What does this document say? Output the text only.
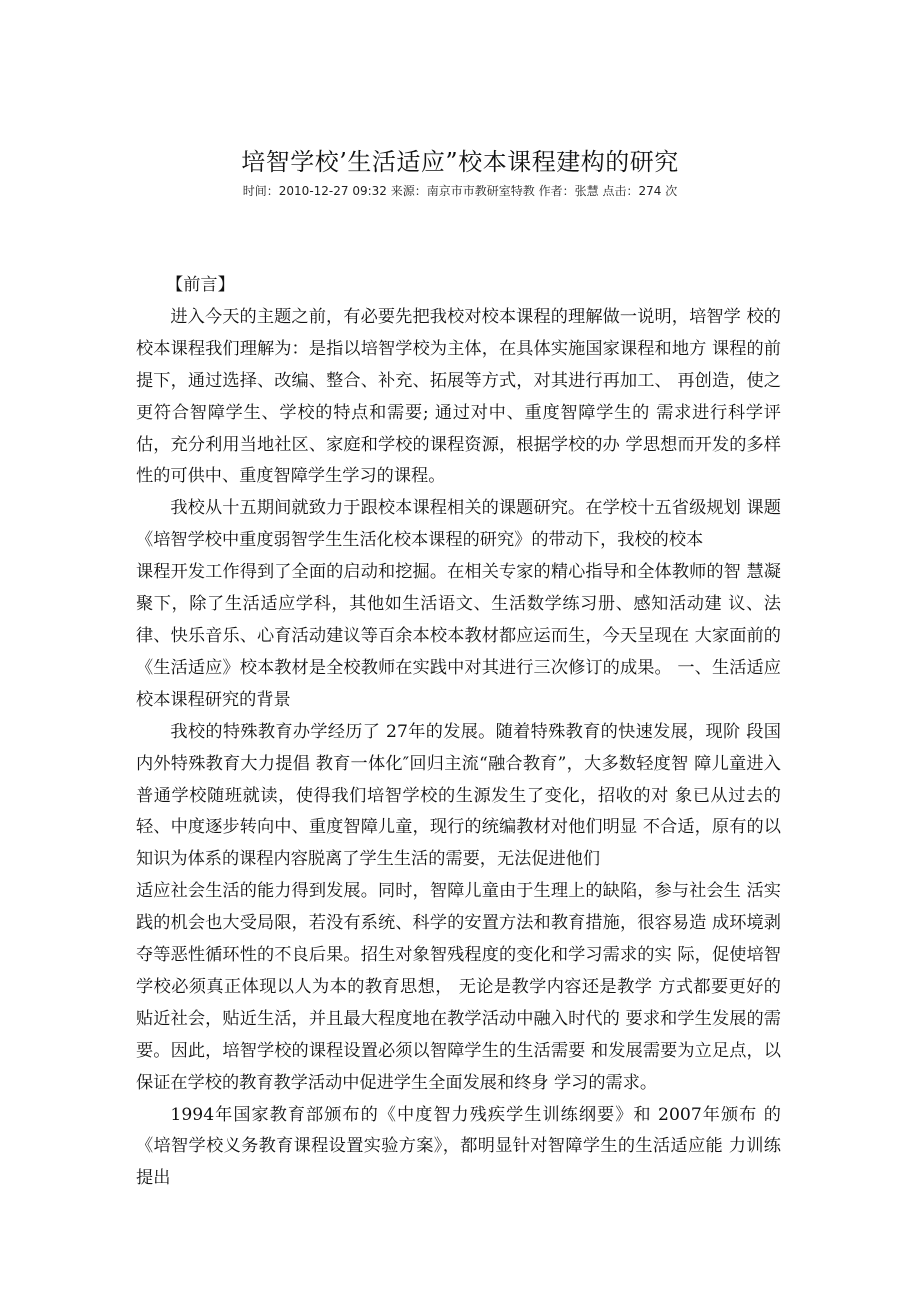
培智学校’生活适应”校本课程建构的研究
时间：2010-12-27 09:32 来源：南京市市教研室特教 作者：张慧 点击：274 次

【前言】

进入今天的主题之前，有必要先把我校对校本课程的理解做一说明，培智学 校的校本课程我们理解为：是指以培智学校为主体，在具体实施国家课程和地方 课程的前提下，通过选择、改编、整合、补充、拓展等方式，对其进行再加工、 再创造，使之更符合智障学生、学校的特点和需要; 通过对中、重度智障学生的 需求进行科学评估，充分利用当地社区、家庭和学校的课程资源，根据学校的办 学思想而开发的多样性的可供中、重度智障学生学习的课程。

我校从十五期间就致力于跟校本课程相关的课题研究。在学校十五省级规划 课题《培智学校中重度弱智学生生活化校本课程的研究》的带动下，我校的校本

课程开发工作得到了全面的启动和挖掘。在相关专家的精心指导和全体教师的智 慧凝聚下，除了生活适应学科，其他如生活语文、生活数学练习册、感知活动建 议、法律、快乐音乐、心育活动建议等百余本校本教材都应运而生，今天呈现在 大家面前的《生活适应》校本教材是全校教师在实践中对其进行三次修订的成果。 一、生活适应校本课程研究的背景

我校的特殊教育办学经历了 27年的发展。随着特殊教育的快速发展，现阶 段国内外特殊教育大力提倡 教育一体化″回归主流“融合教育”，大多数轻度智 障儿童进入普通学校随班就读，使得我们培智学校的生源发生了变化，招收的对 象已从过去的轻、中度逐步转向中、重度智障儿童，现行的统编教材对他们明显 不合适，原有的以知识为体系的课程内容脱离了学生生活的需要，无法促进他们

适应社会生活的能力得到发展。同时，智障儿童由于生理上的缺陷，参与社会生 活实践的机会也大受局限，若没有系统、科学的安置方法和教育措施，很容易造 成环境剥夺等恶性循环性的不良后果。招生对象智残程度的变化和学习需求的实 际，促使培智学校必须真正体现以人为本的教育思想， 无论是教学内容还是教学 方式都要更好的贴近社会，贴近生活，并且最大程度地在教学活动中融入时代的 要求和学生发展的需要。因此，培智学校的课程设置必须以智障学生的生活需要 和发展需要为立足点，以保证在学校的教育教学活动中促进学生全面发展和终身 学习的需求。

1994年国家教育部颁布的《中度智力残疾学生训练纲要》和 2007年颁布 的《培智学校义务教育课程设置实验方案》，都明显针对智障学生的生活适应能 力训练提出
